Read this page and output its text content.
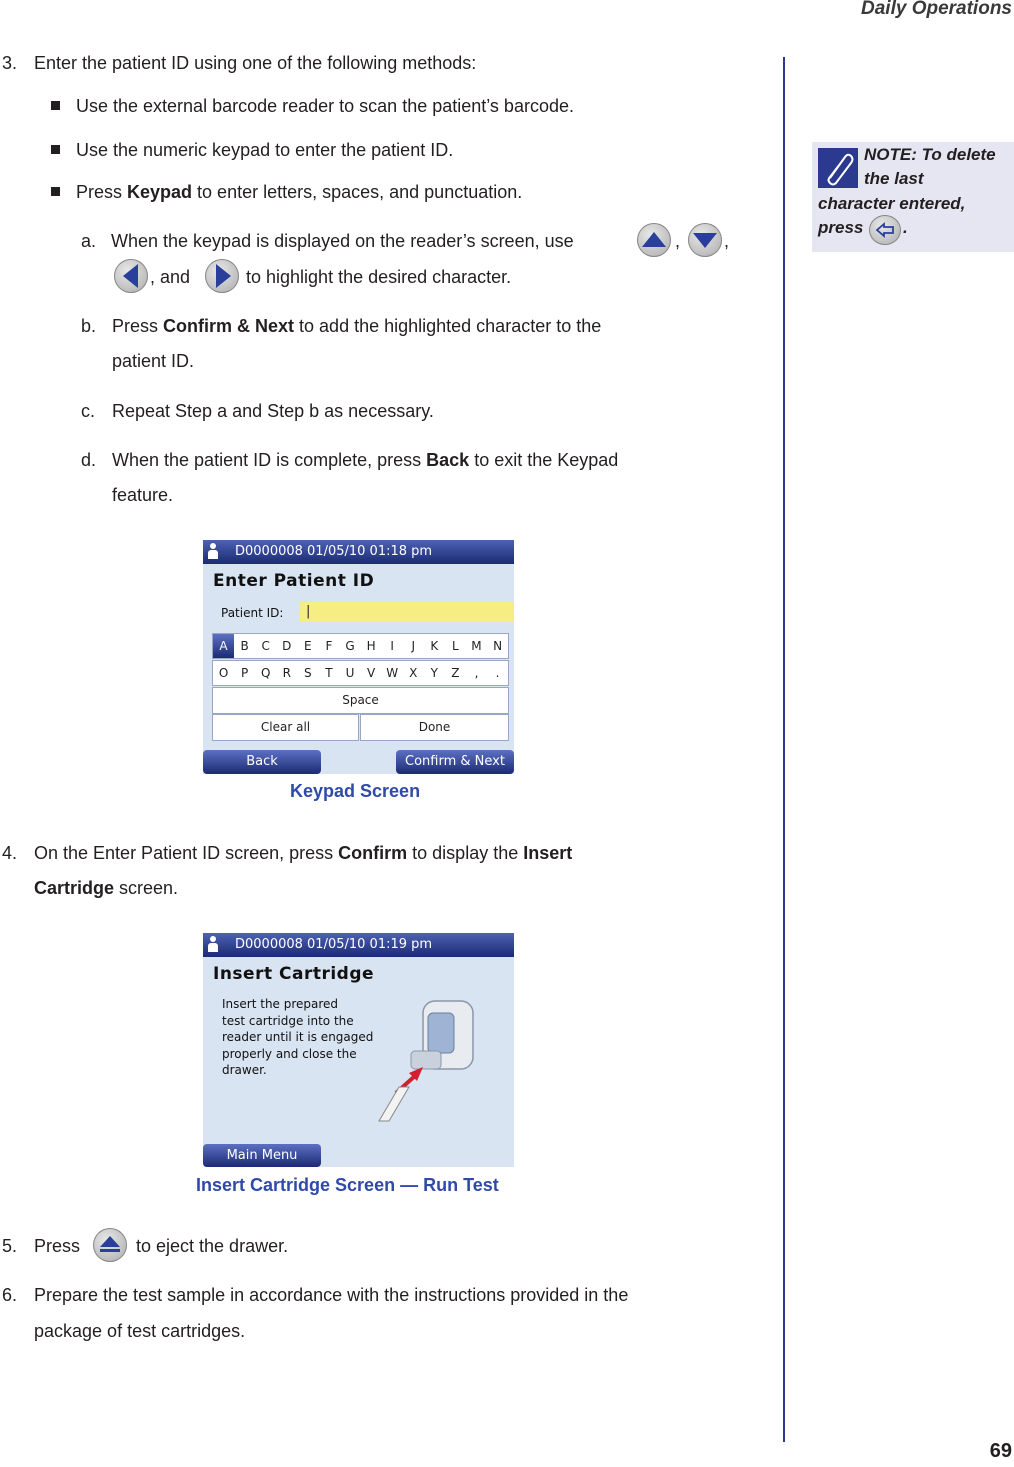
Daily Operations
3. Enter the patient ID using one of the following methods:
Use the external barcode reader to scan the patient’s barcode.
Use the numeric keypad to enter the patient ID.
Press Keypad to enter letters, spaces, and punctuation.
a. When the keypad is displayed on the reader’s screen, use	, ,
, and	to highlight the desired character.
b. Press Confirm & Next to add the highlighted character to the
patient ID.
c. Repeat Step a and Step b as necessary.
d. When the patient ID is complete, press Back to exit the Keypad
feature.
D0000008 01/05/10 01:18 pm
Enter Patient ID
Patient ID:	|
A	B	C	D	E	F	G H	I	J	K	L	M N
O	P	Q	R	S	T	U	V W X	Y	Z	,	.
Space
Clear all	Done
Back	Confirm & Next
Keypad Screen
4. On the Enter Patient ID screen, press Confirm to display the Insert
Cartridge screen.
D0000008 01/05/10 01:19 pm
Insert Cartridge
Insert the prepared
test cartridge into the
reader until it is engaged
properly and close the
drawer.
Main Menu
Insert Cartridge Screen — Run Test
5. Press	to eject the drawer.
6. Prepare the test sample in accordance with the instructions provided in the
package of test cartridges.
NOTE: To delete
the last
character entered,
press .
69
